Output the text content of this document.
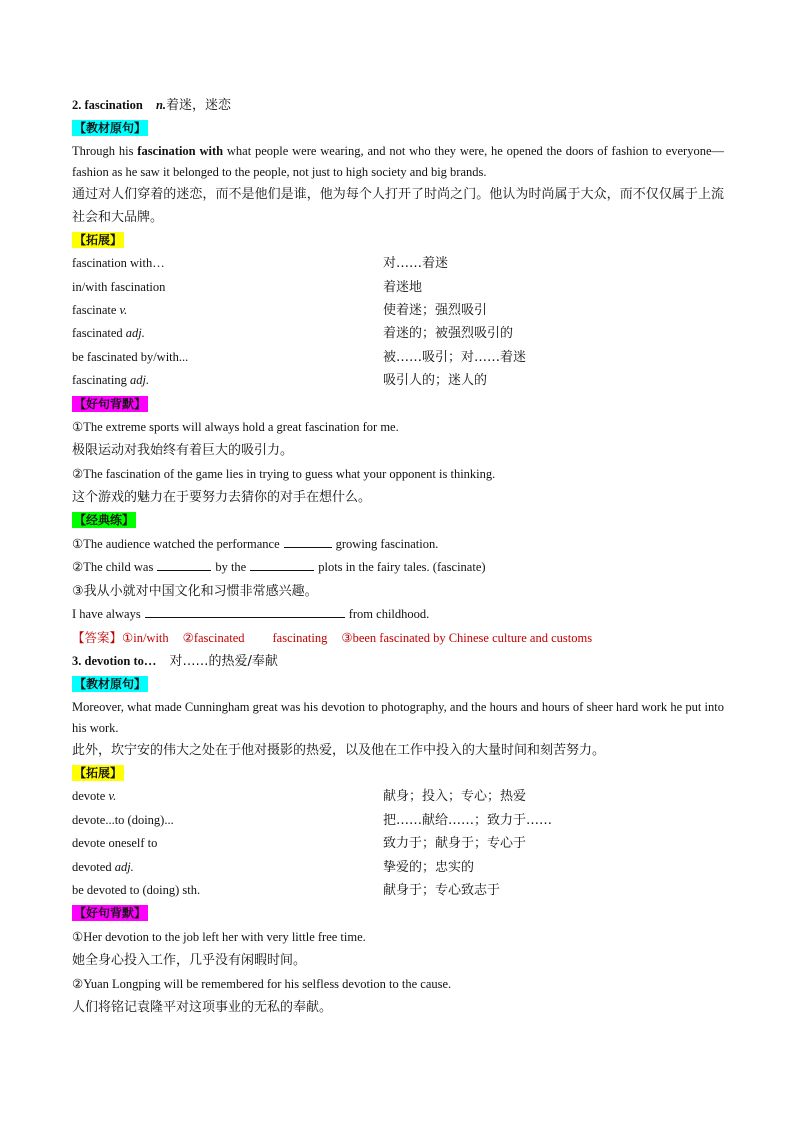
2. fascination n.着迷，迷恋
【教材原句】
Through his fascination with what people were wearing, and not who they were, he opened the doors of fashion to everyone—fashion as he saw it belonged to the people, not just to high society and big brands.
通过对人们穿着的迷恋，而不是他们是谁，他为每个人打开了时尚之门。他认为时尚属于大众，而不仅仅属于上流社会和大品牌。
【拓展】
fascination with…	对……着迷
in/with fascination	着迷地
fascinate v.	使着迷；强烈吸引
fascinated adj.	着迷的；被强烈吸引的
be fascinated by/with...	被……吸引；对……着迷
fascinating adj.	吸引人的；迷人的
【好句背默】
①The extreme sports will always hold a great fascination for me.
极限运动对我始终有着巨大的吸引力。
②The fascination of the game lies in trying to guess what your opponent is thinking.
这个游戏的魅力在于要努力去猜你的对手在想什么。
【经典练】
①The audience watched the performance	growing fascination.
②The child was	by the	plots in the fairy tales. (fascinate)
③我从小就对中国文化和习惯非常感兴趣。
I have always	from childhood.
【答案】①in/with ②fascinated fascinating ③been fascinated by Chinese culture and customs
3. devotion to… 对……的热爱/奉献
【教材原句】
Moreover, what made Cunningham great was his devotion to photography, and the hours and hours of sheer hard work he put into his work.
此外，坎宁安的伟大之处在于他对摄影的热爱，以及他在工作中投入的大量时间和刻苦努力。
【拓展】
devote v.	献身；投入；专心；热爱
devote...to (doing)...	把……献给……；致力于……
devote oneself to	致力于；献身于；专心于
devoted adj.	挚爱的；忠实的
be devoted to (doing) sth.	献身于；专心致志于
【好句背默】
①Her devotion to the job left her with very little free time.
她全身心投入工作，几乎没有闲暇时间。
②Yuan Longping will be remembered for his selfless devotion to the cause.
人们将铭记袁隆平对这项事业的无私的奉献。
